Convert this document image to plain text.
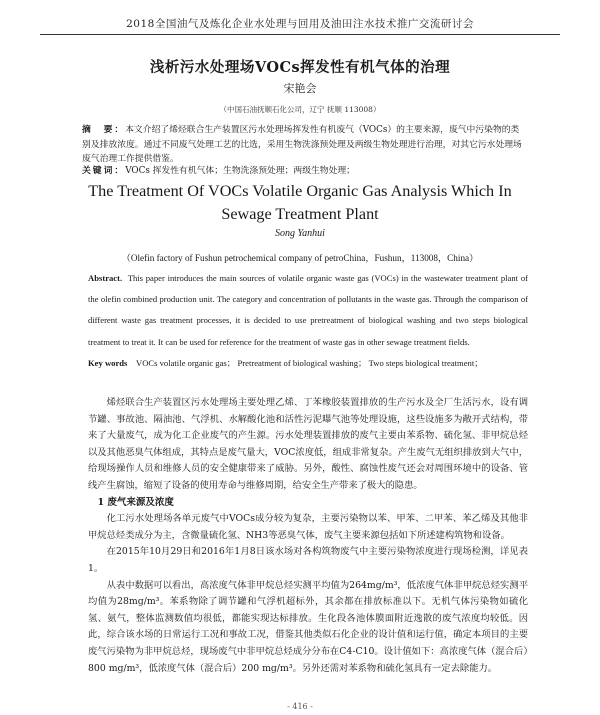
2018全国油气及炼化企业水处理与回用及油田注水技术推广交流研讨会
浅析污水处理场VOCs挥发性有机气体的治理
宋艳会
（中国石油抚顺石化公司，辽宁 抚顺 113008）
摘　要：本文介绍了烯烃联合生产装置区污水处理场挥发性有机废气（VOCs）的主要来源，废气中污染物的类别及排放浓度。通过不同废气处理工艺的比选，采用生物洗涤预处理及两级生物处理进行治理，对其它污水处理场废气治理工作提供借鉴。
关键词：VOCs 挥发性有机气体；生物洗涤预处理；两级生物处理；
The Treatment Of VOCs Volatile Organic Gas Analysis Which In Sewage Treatment Plant
Song Yanhui
（Olefin factory of Fushun petrochemical company of petroChina，Fushun，113008，China）
Abstract. This paper introduces the main sources of volatile organic waste gas (VOCs) in the wastewater treatment plant of the olefin combined production unit. The category and concentration of pollutants in the waste gas. Through the comparison of different waste gas treatment processes, it is decided to use pretreatment of biological washing and two steps biological treatment to treat it. It can be used for reference for the treatment of waste gas in other sewage treatment fields.
Key words VOCs volatile organic gas； Pretreatment of biological washing； Two steps biological treatment；

烯烃联合生产装置区污水处理场主要处理乙烯、丁苯橡胶装置排放的生产污水及全厂生活污水，设有调节罐、事故池、隔油池、气浮机、水解酸化池和活性污泥曝气池等处理设施，这些设施多为敞开式结构，带来了大量废气，成为化工企业废气的产生源。污水处理装置排放的废气主要由苯系物、硫化氢、非甲烷总烃以及其他恶臭气体组成，其特点是废气量大，VOC浓度低，组成非常复杂。产生废气无组织排放到大气中，给现场操作人员和维修人员的安全健康带来了威胁。另外，酸性、腐蚀性废气还会对周围环境中的设备、管线产生腐蚀，缩短了设备的使用寿命与维修周期，给安全生产带来了极大的隐患。

1 废气来源及浓度

化工污水处理场各单元废气中VOCs成分较为复杂，主要污染物以苯、甲苯、二甲苯、苯乙烯及其他非甲烷总烃类成分为主，含微量硫化氢、NH3等恶臭气体，废气主要来源包括如下所述建构筑物和设备。

在2015年10月29日和2016年1月8日该水场对各构筑物废气中主要污染物浓度进行现场检测，详见表1。

从表中数据可以看出，高浓度气体非甲烷总烃实测平均值为264mg/m³，低浓度气体非甲烷总烃实测平均值为28mg/m³。苯系物除了调节罐和气浮机超标外，其余都在排放标准以下。无机气体污染物如硫化氢、氨气，整体监测数值均很低，都能实现达标排放。生化段各池体膜面附近逸散的废气浓度均较低。因此，综合该水场的日常运行工况和事故工况，借鉴其他类似石化企业的设计值和运行值，确定本项目的主要废气污染物为非甲烷总烃，现场废气中非甲烷总烃成分分布在C4-C10。设计值如下：高浓度气体（混合后）800 mg/m³，低浓度气体（混合后）200 mg/m³。另外还需对苯系物和硫化氢具有一定去除能力。

- 416 -
